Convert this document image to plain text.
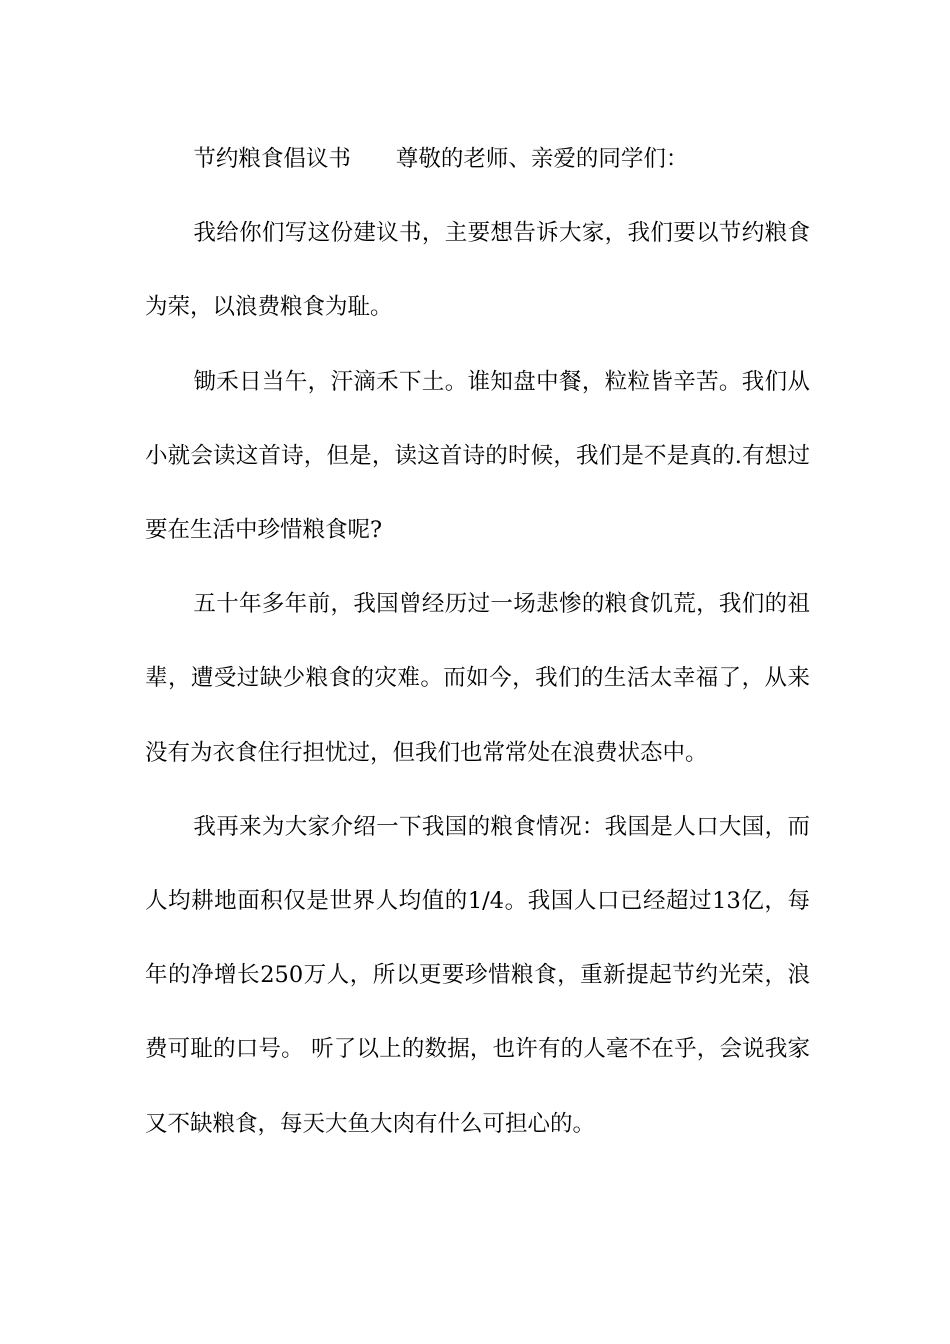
节约粮食倡议书 尊敬的老师、亲爱的同学们：

我给你们写这份建议书，主要想告诉大家，我们要以节约粮食为荣，以浪费粮食为耻。

锄禾日当午，汗滴禾下土。谁知盘中餐，粒粒皆辛苦。我们从小就会读这首诗，但是，读这首诗的时候，我们是不是真的.有想过要在生活中珍惜粮食呢?

五十年多年前，我国曾经历过一场悲惨的粮食饥荒，我们的祖辈，遭受过缺少粮食的灾难。而如今，我们的生活太幸福了，从来没有为衣食住行担忧过，但我们也常常处在浪费状态中。

我再来为大家介绍一下我国的粮食情况：我国是人口大国，而人均耕地面积仅是世界人均值的1/4。我国人口已经超过13亿，每年的净增长250万人，所以更要珍惜粮食，重新提起节约光荣，浪费可耻的口号。 听了以上的数据，也许有的人毫不在乎，会说我家又不缺粮食，每天大鱼大肉有什么可担心的。
